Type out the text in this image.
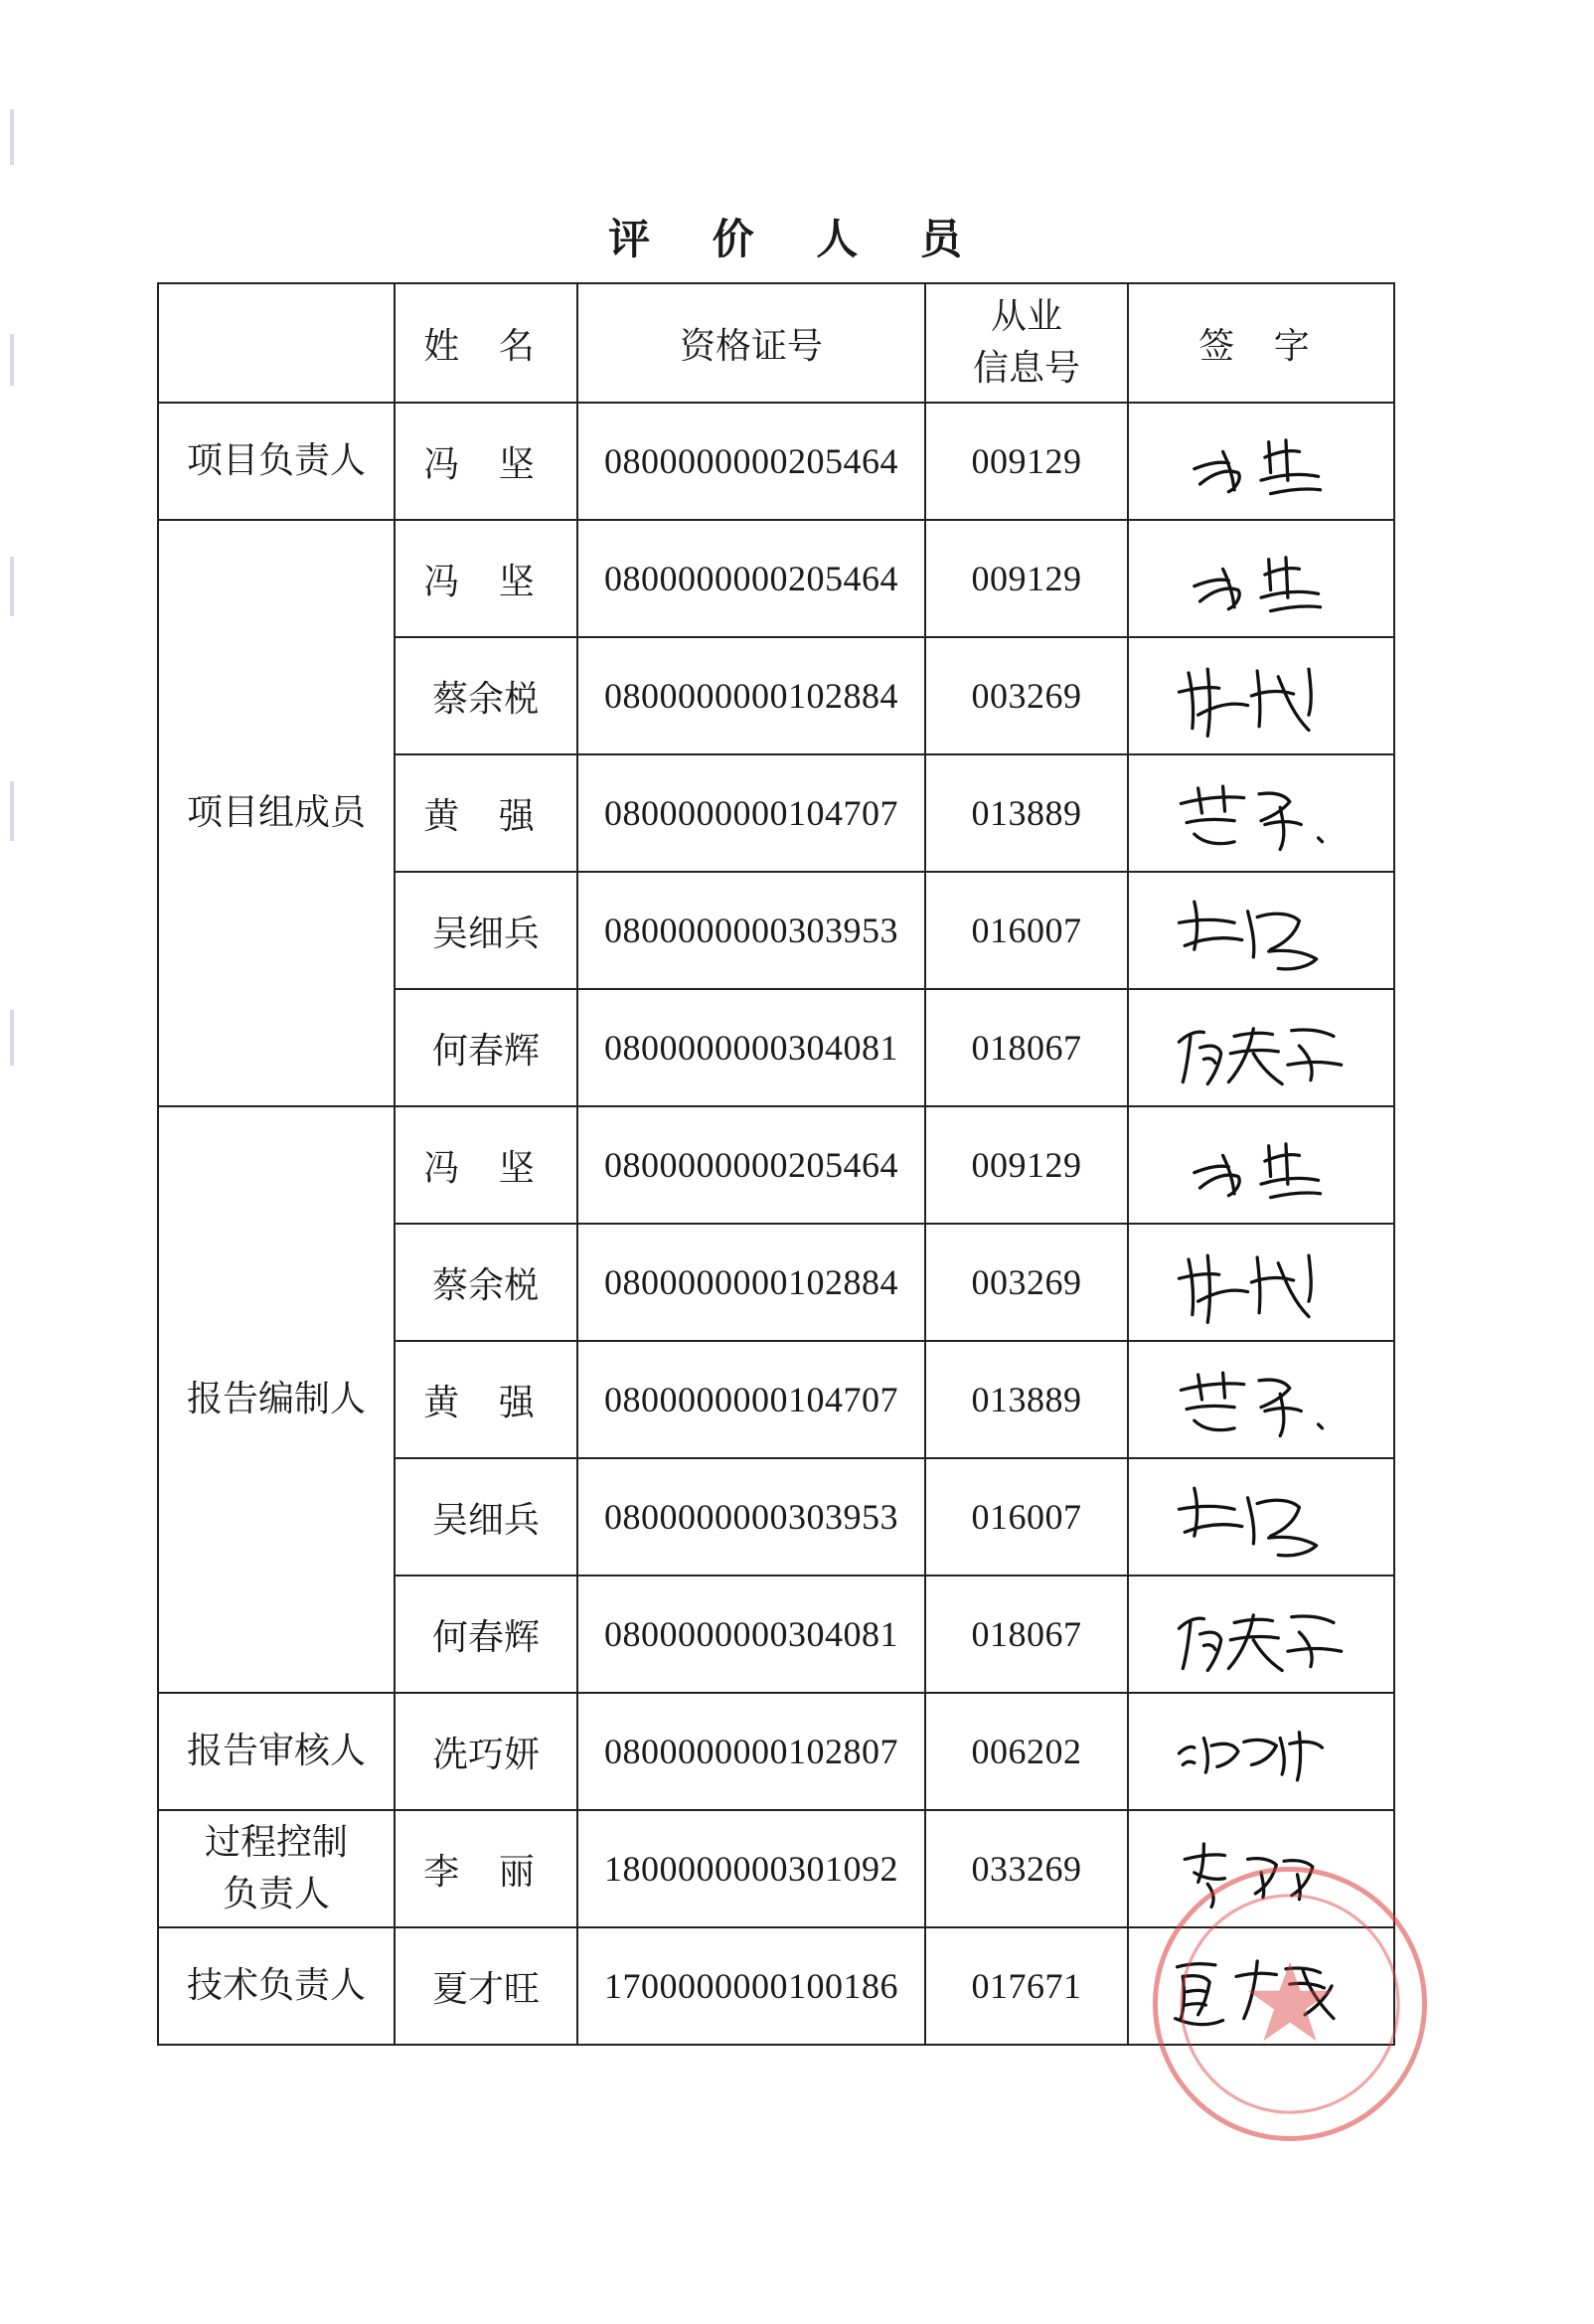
评 价 人 员
	姓 名	资格证号	从业
信息号	签 字
项目负责人	冯 坚	0800000000205464	009129	

项目组成员	冯 坚	0800000000205464	009129	

	蔡余棁	0800000000102884	003269	

	黄 强	0800000000104707	013889	

	吴细兵	0800000000303953	016007	

	何春辉	0800000000304081	018067	

报告编制人	冯 坚	0800000000205464	009129	

	蔡余棁	0800000000102884	003269	

	黄 强	0800000000104707	013889	

	吴细兵	0800000000303953	016007	

	何春辉	0800000000304081	018067	

报告审核人	冼巧妍	0800000000102807	006202	

过程控制
负责人	李 丽	1800000000301092	033269	

技术负责人	夏才旺	1700000000100186	017671	
